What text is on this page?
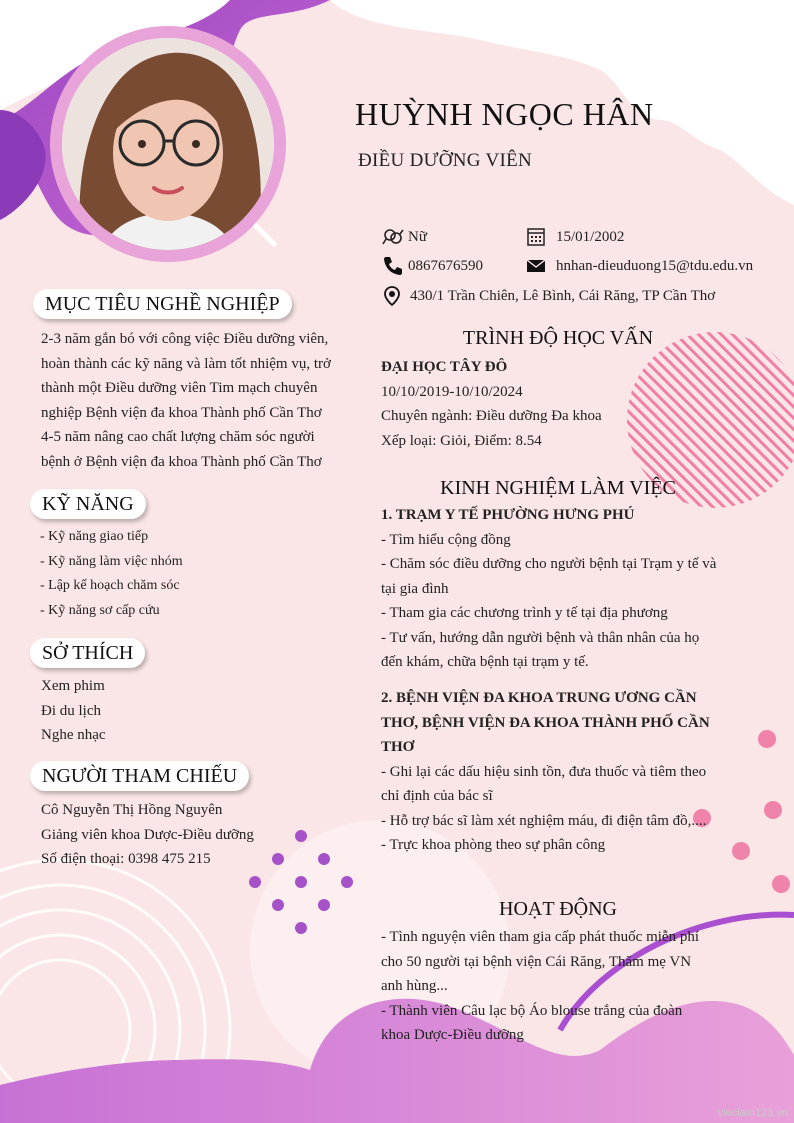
HUỲNH NGỌC HÂN
ĐIỀU DƯỠNG VIÊN
Nữ	15/01/2002
0867676590	hnhan-dieuduong15@tdu.edu.vn
430/1 Trần Chiên, Lê Bình, Cái Răng, TP Cần Thơ
MỤC TIÊU NGHỀ NGHIỆP
2-3 năm gắn bó với công việc Điều dưỡng viên,
hoàn thành các kỹ năng và làm tốt nhiệm vụ, trở
thành một Điều dưỡng viên Tim mạch chuyên
nghiệp Bệnh viện đa khoa Thành phố Cần Thơ
4-5 năm nâng cao chất lượng chăm sóc người
bệnh ở Bệnh viện đa khoa Thành phố Cần Thơ
KỸ NĂNG
- Kỹ năng giao tiếp
- Kỹ năng làm việc nhóm
- Lập kế hoạch chăm sóc
- Kỹ năng sơ cấp cứu
SỞ THÍCH
Xem phim
Đi du lịch
Nghe nhạc
NGƯỜI THAM CHIẾU
Cô Nguyễn Thị Hồng Nguyên
Giảng viên khoa Dược-Điều dưỡng
Số điện thoại: 0398 475 215
TRÌNH ĐỘ HỌC VẤN
ĐẠI HỌC TÂY ĐÔ
10/10/2019-10/10/2024
Chuyên ngành: Điều dưỡng Đa khoa
Xếp loại: Giỏi, Điểm: 8.54
KINH NGHIỆM LÀM VIỆC
1. TRẠM Y TẾ PHƯỜNG HƯNG PHÚ
- Tìm hiểu cộng đồng
- Chăm sóc điều dưỡng cho người bệnh tại Trạm y tế và
tại gia đình
- Tham gia các chương trình y tế tại địa phương
- Tư vấn, hướng dẫn người bệnh và thân nhân của họ
đến khám, chữa bệnh tại trạm y tế.
2. BỆNH VIỆN ĐA KHOA TRUNG ƯƠNG CẦN
THƠ, BỆNH VIỆN ĐA KHOA THÀNH PHỐ CẦN
THƠ
- Ghi lại các dấu hiệu sinh tồn, đưa thuốc và tiêm theo
chỉ định của bác sĩ
- Hỗ trợ bác sĩ làm xét nghiệm máu, đi điện tâm đồ,....
- Trực khoa phòng theo sự phân công
HOẠT ĐỘNG
- Tình nguyện viên tham gia cấp phát thuốc miễn phí
cho 50 người tại bệnh viện Cái Răng, Thăm mẹ VN
anh hùng...
- Thành viên Câu lạc bộ Áo blouse trắng của đoàn
khoa Dược-Điều dưỡng
vieclam123.vn
